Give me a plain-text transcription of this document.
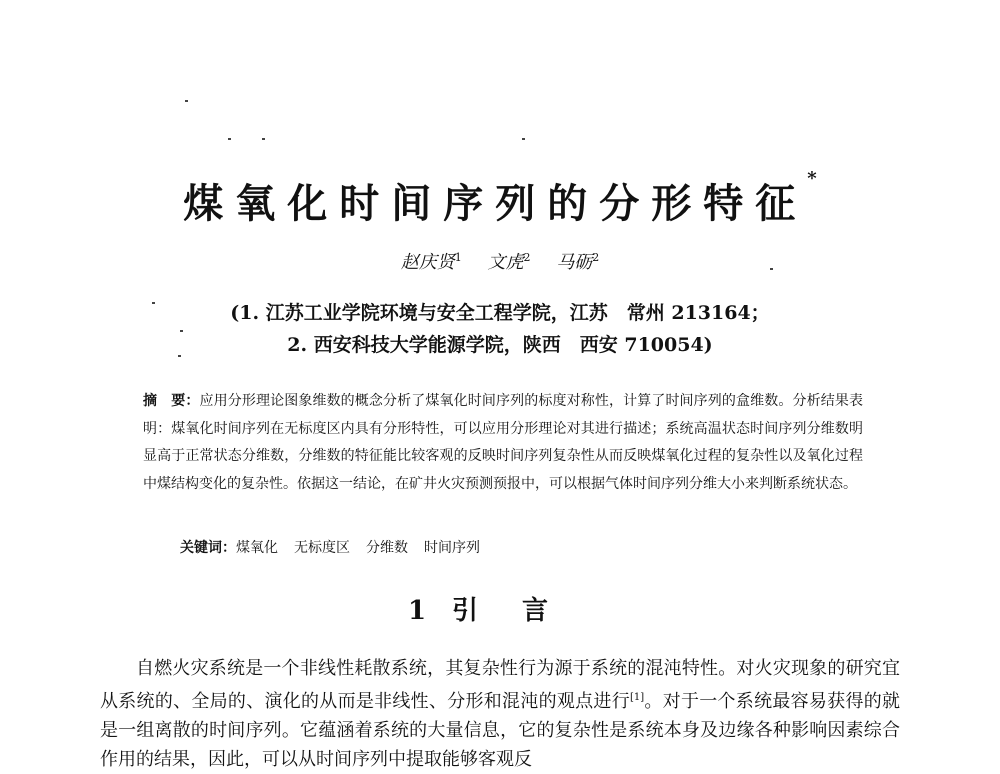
煤氧化时间序列的分形特征*
赵庆贤$^1$ 文虎$^2$ 马砺$^2$
(1. 江苏工业学院环境与安全工程学院，江苏　常州 213164；
2. 西安科技大学能源学院，陕西　西安 710054)
摘　要：应用分形理论图象维数的概念分析了煤氧化时间序列的标度对称性，计算了时间序列的盒维数。分析结果表明：煤氧化时间序列在无标度区内具有分形特性，可以应用分形理论对其进行描述；系统高温状态时间序列分维数明显高于正常状态分维数，分维数的特征能比较客观的反映时间序列复杂性从而反映煤氧化过程的复杂性以及氧化过程中煤结构变化的复杂性。依据这一结论，在矿井火灾预测预报中，可以根据气体时间序列分维大小来判断系统状态。
关键词：煤氧化 无标度区 分维数 时间序列
1 引言
自燃火灾系统是一个非线性耗散系统，其复杂性行为源于系统的混沌特性。对火灾现象的研究宜从系统的、全局的、演化的从而是非线性、分形和混沌的观点进行[1]。对于一个系统最容易获得的就是一组离散的时间序列。它蕴涵着系统的大量信息，它的复杂性是系统本身及边缘各种影响因素综合作用的结果，因此，可以从时间序列中提取能够客观反
